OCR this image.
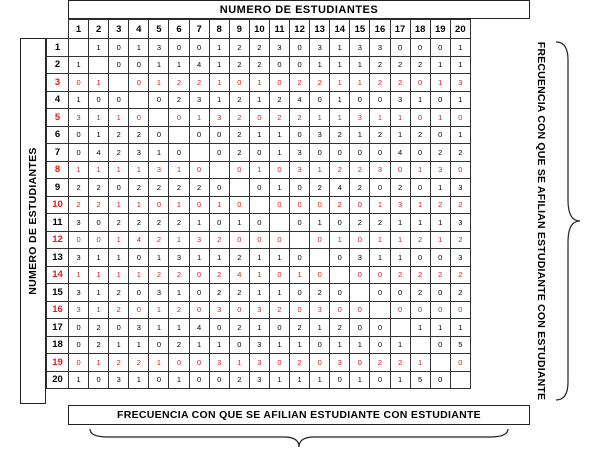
NUMERO DE ESTUDIANTES
NUMERO DE ESTUDIANTES
	1	2	3	4	5	6	7	8	9	10	11	12	13	14	15	16	17	18	19	20
1		1	0	1	3	0	0	1	2	2	3	0	3	1	3	3	0	0	0	1
2	1		0	0	1	1	4	1	2	2	0	0	1	1	1	2	2	2	1	1
3	0	1		0	1	2	2	1	0	1	0	2	2	1	1	2	2	0	1	3
4	1	0	0		0	2	3	1	2	1	2	4	0	1	0	0	3	1	0	1
5	3	1	1	0		0	1	3	2	0	2	2	1	1	3	1	1	0	1	0
6	0	1	2	2	0		0	0	2	1	1	0	3	2	1	2	1	2	0	1
7	0	4	2	3	1	0		0	2	0	1	3	0	0	0	0	4	0	2	2
8	1	1	1	1	3	1	0		0	1	0	3	1	2	2	3	0	1	3	0
9	2	2	0	2	2	2	2	0		0	1	0	2	4	2	0	2	0	1	3
10	2	2	1	1	0	1	0	1	0		0	0	0	2	0	1	3	1	2	2
11	3	0	2	2	2	2	1	0	1	0		0	1	0	2	2	1	1	1	3
12	0	0	1	4	2	1	3	2	0	0	0		0	1	0	1	1	2	1	2
13	3	1	1	0	1	3	1	1	2	1	1	0		0	3	1	1	0	0	3
14	1	1	1	1	2	2	0	2	4	1	0	1	0		0	0	2	2	2	2
15	3	1	2	0	3	1	0	2	2	1	1	0	2	0		0	0	2	0	2
16	3	1	2	0	1	2	0	3	0	3	2	0	3	0	0		0	0	0	0
17	0	2	0	3	1	1	4	0	2	1	0	2	1	2	0	0		1	1	1
18	0	2	1	1	0	2	1	1	0	3	1	1	0	1	1	0	1		0	5
19	0	1	2	2	1	0	0	3	1	3	0	2	0	3	0	2	2	1		0
20	1	0	3	1	0	1	0	0	2	3	1	1	1	0	1	0	1	5	0		FRECUENCIA CON QUE SE AFILIAN ESTUDIANTE CON ESTUDIANTE
FRECUENCIA CON QUE SE AFILIAN ESTUDIANTE CON ESTUDIANTE
